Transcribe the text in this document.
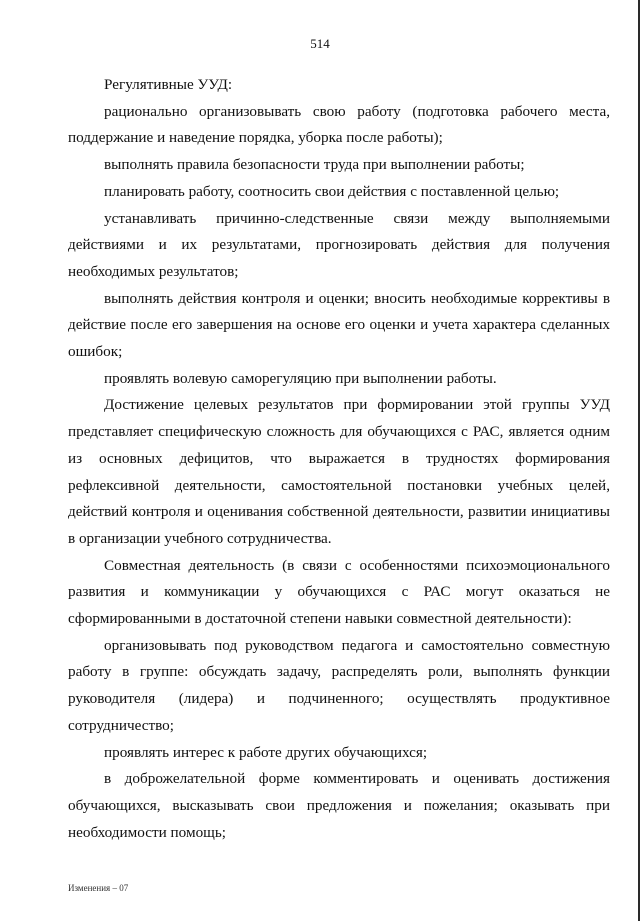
514

Регулятивные УУД:

рационально организовывать свою работу (подготовка рабочего места, поддержание и наведение порядка, уборка после работы);

выполнять правила безопасности труда при выполнении работы;

планировать работу, соотносить свои действия с поставленной целью;

устанавливать причинно-следственные связи между выполняемыми действиями и их результатами, прогнозировать действия для получения необходимых результатов;

выполнять действия контроля и оценки; вносить необходимые коррективы в действие после его завершения на основе его оценки и учета характера сделанных ошибок;

проявлять волевую саморегуляцию при выполнении работы.

Достижение целевых результатов при формировании этой группы УУД представляет специфическую сложность для обучающихся с РАС, является одним из основных дефицитов, что выражается в трудностях формирования рефлексивной деятельности, самостоятельной постановки учебных целей, действий контроля и оценивания собственной деятельности, развитии инициативы в организации учебного сотрудничества.

Совместная деятельность (в связи с особенностями психоэмоционального развития и коммуникации у обучающихся с РАС могут оказаться не сформированными в достаточной степени навыки совместной деятельности):

организовывать под руководством педагога и самостоятельно совместную работу в группе: обсуждать задачу, распределять роли, выполнять функции руководителя (лидера) и подчиненного; осуществлять продуктивное сотрудничество;

проявлять интерес к работе других обучающихся;

в доброжелательной форме комментировать и оценивать достижения обучающихся, высказывать свои предложения и пожелания; оказывать при необходимости помощь;

Изменения – 07
